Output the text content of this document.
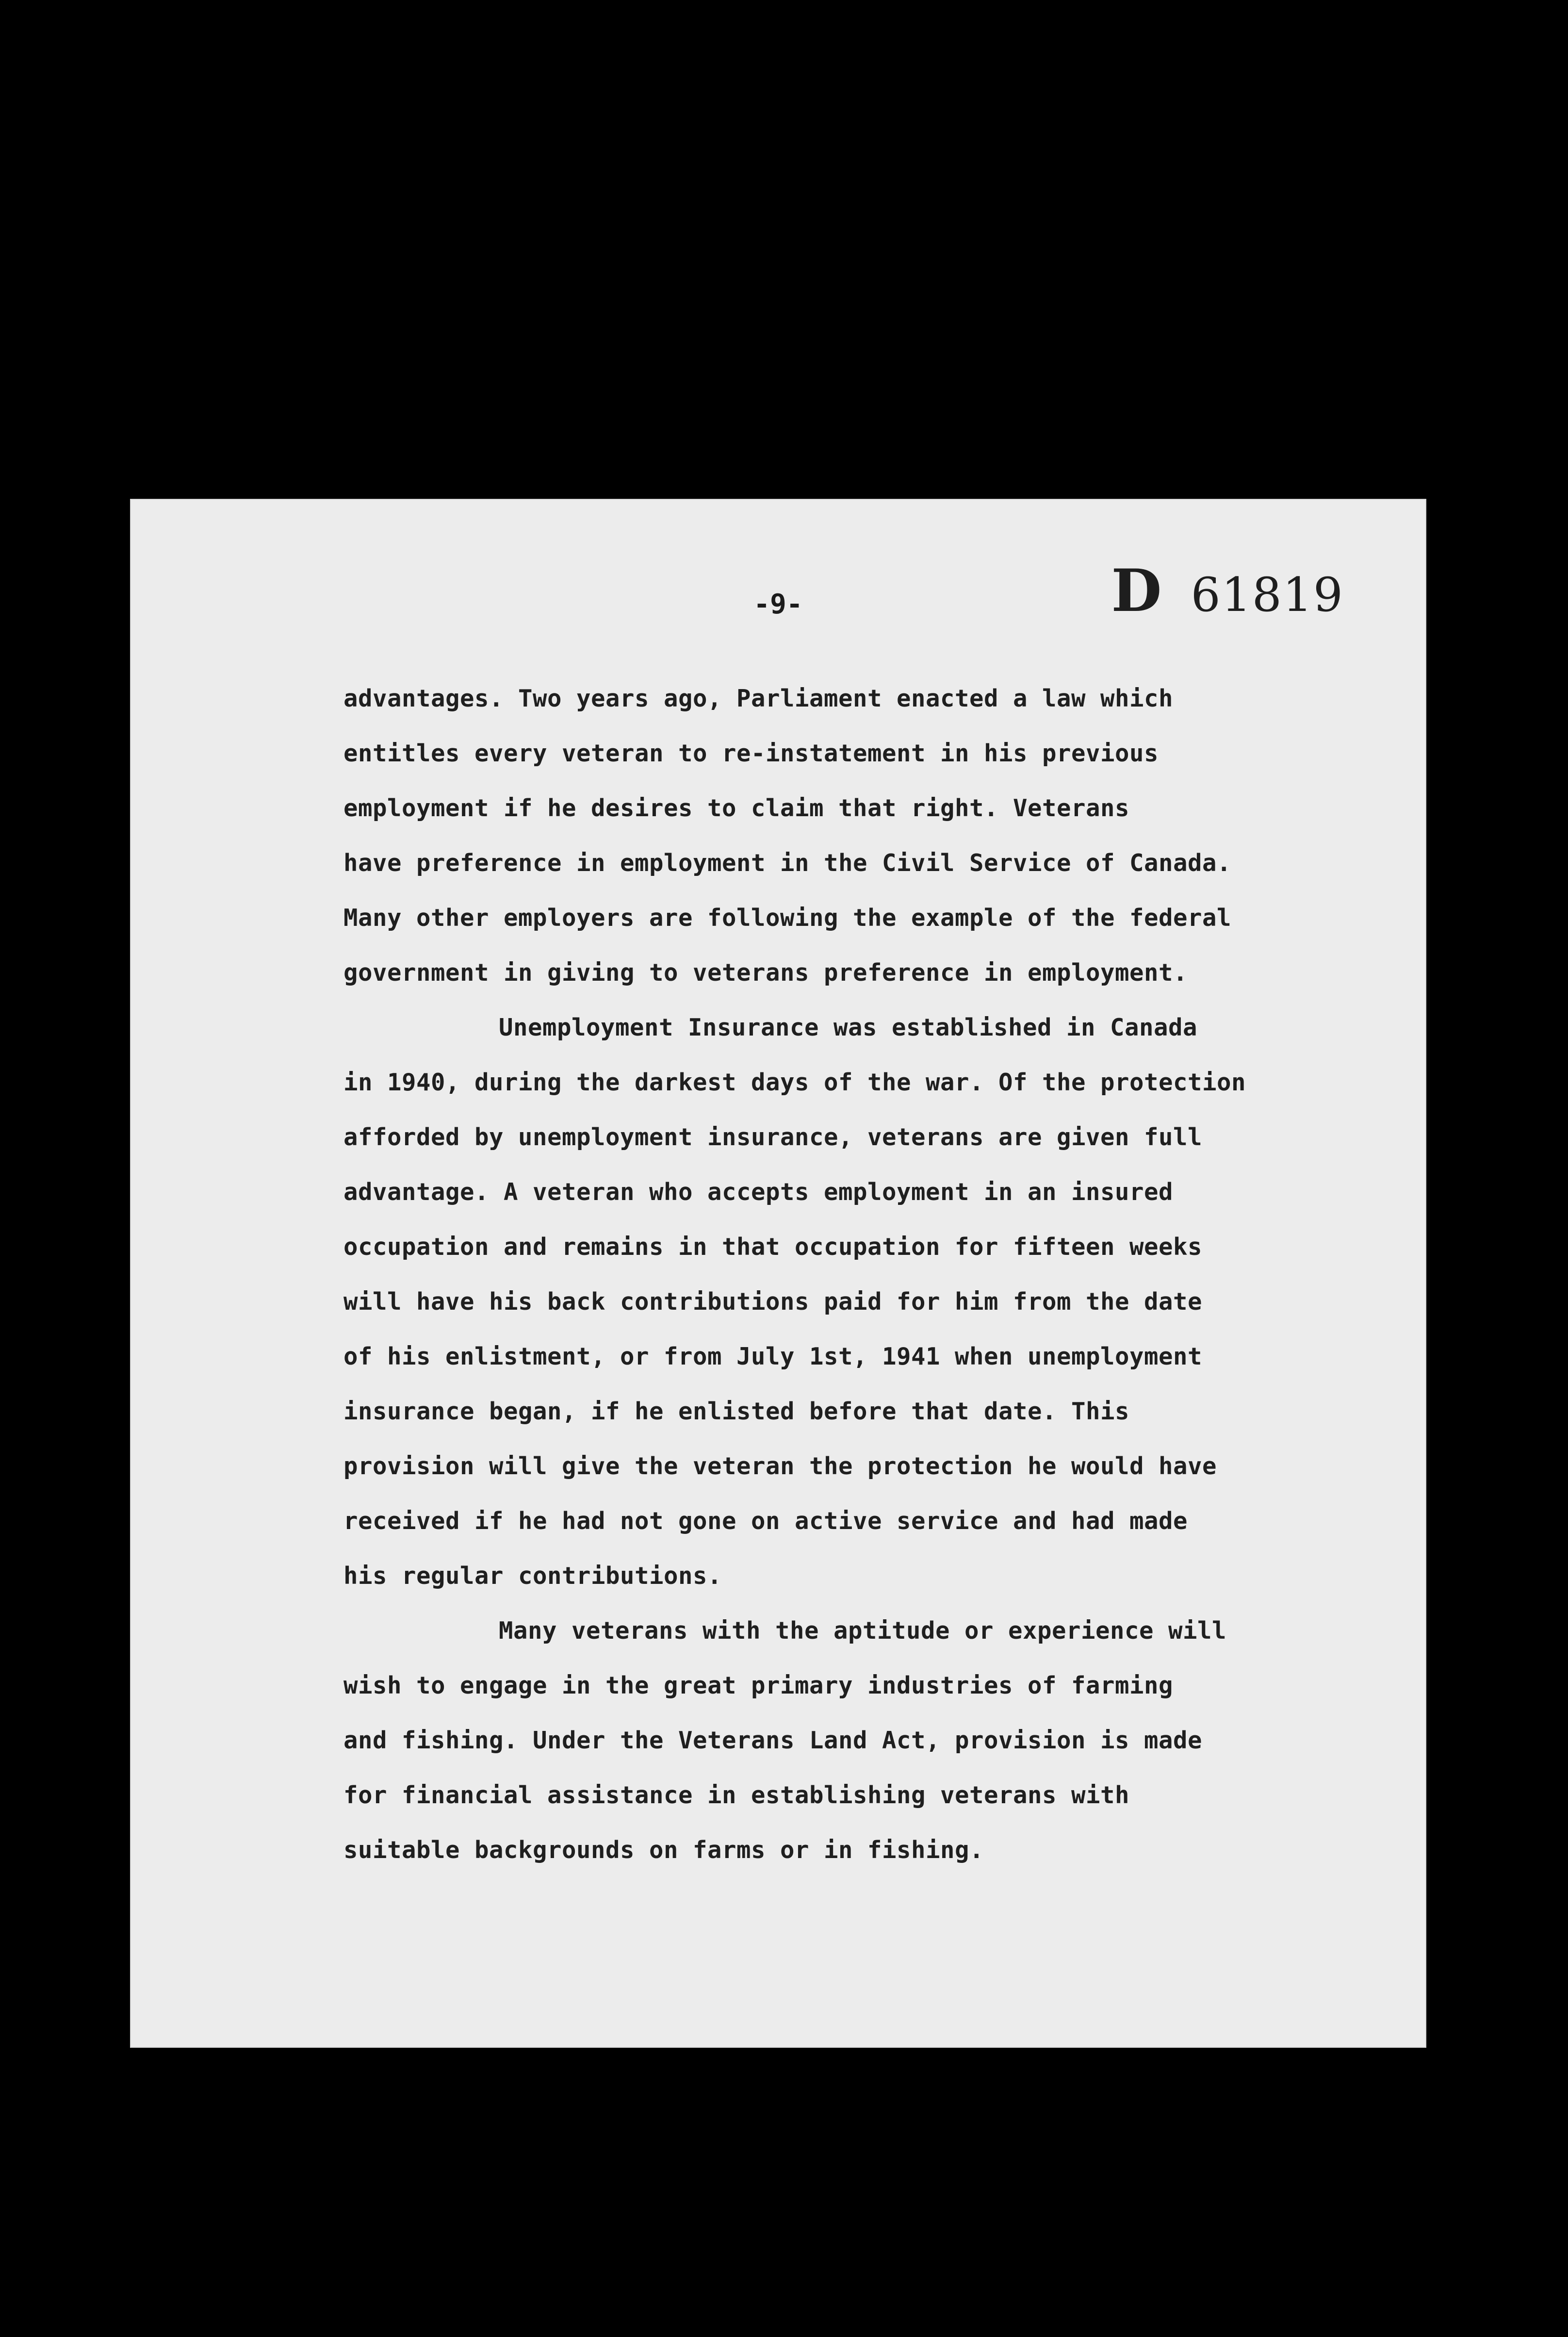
D 61819
-9-
advantages. Two years ago, Parliament enacted a law which
entitles every veteran to re-instatement in his previous
employment if he desires to claim that right. Veterans
have preference in employment in the Civil Service of Canada.
Many other employers are following the example of the federal
government in giving to veterans preference in employment.
Unemployment Insurance was established in Canada
in 1940, during the darkest days of the war. Of the protection
afforded by unemployment insurance, veterans are given full
advantage. A veteran who accepts employment in an insured
occupation and remains in that occupation for fifteen weeks
will have his back contributions paid for him from the date
of his enlistment, or from July 1st, 1941 when unemployment
insurance began, if he enlisted before that date. This
provision will give the veteran the protection he would have
received if he had not gone on active service and had made
his regular contributions.
Many veterans with the aptitude or experience will
wish to engage in the great primary industries of farming
and fishing. Under the Veterans Land Act, provision is made
for financial assistance in establishing veterans with
suitable backgrounds on farms or in fishing.
